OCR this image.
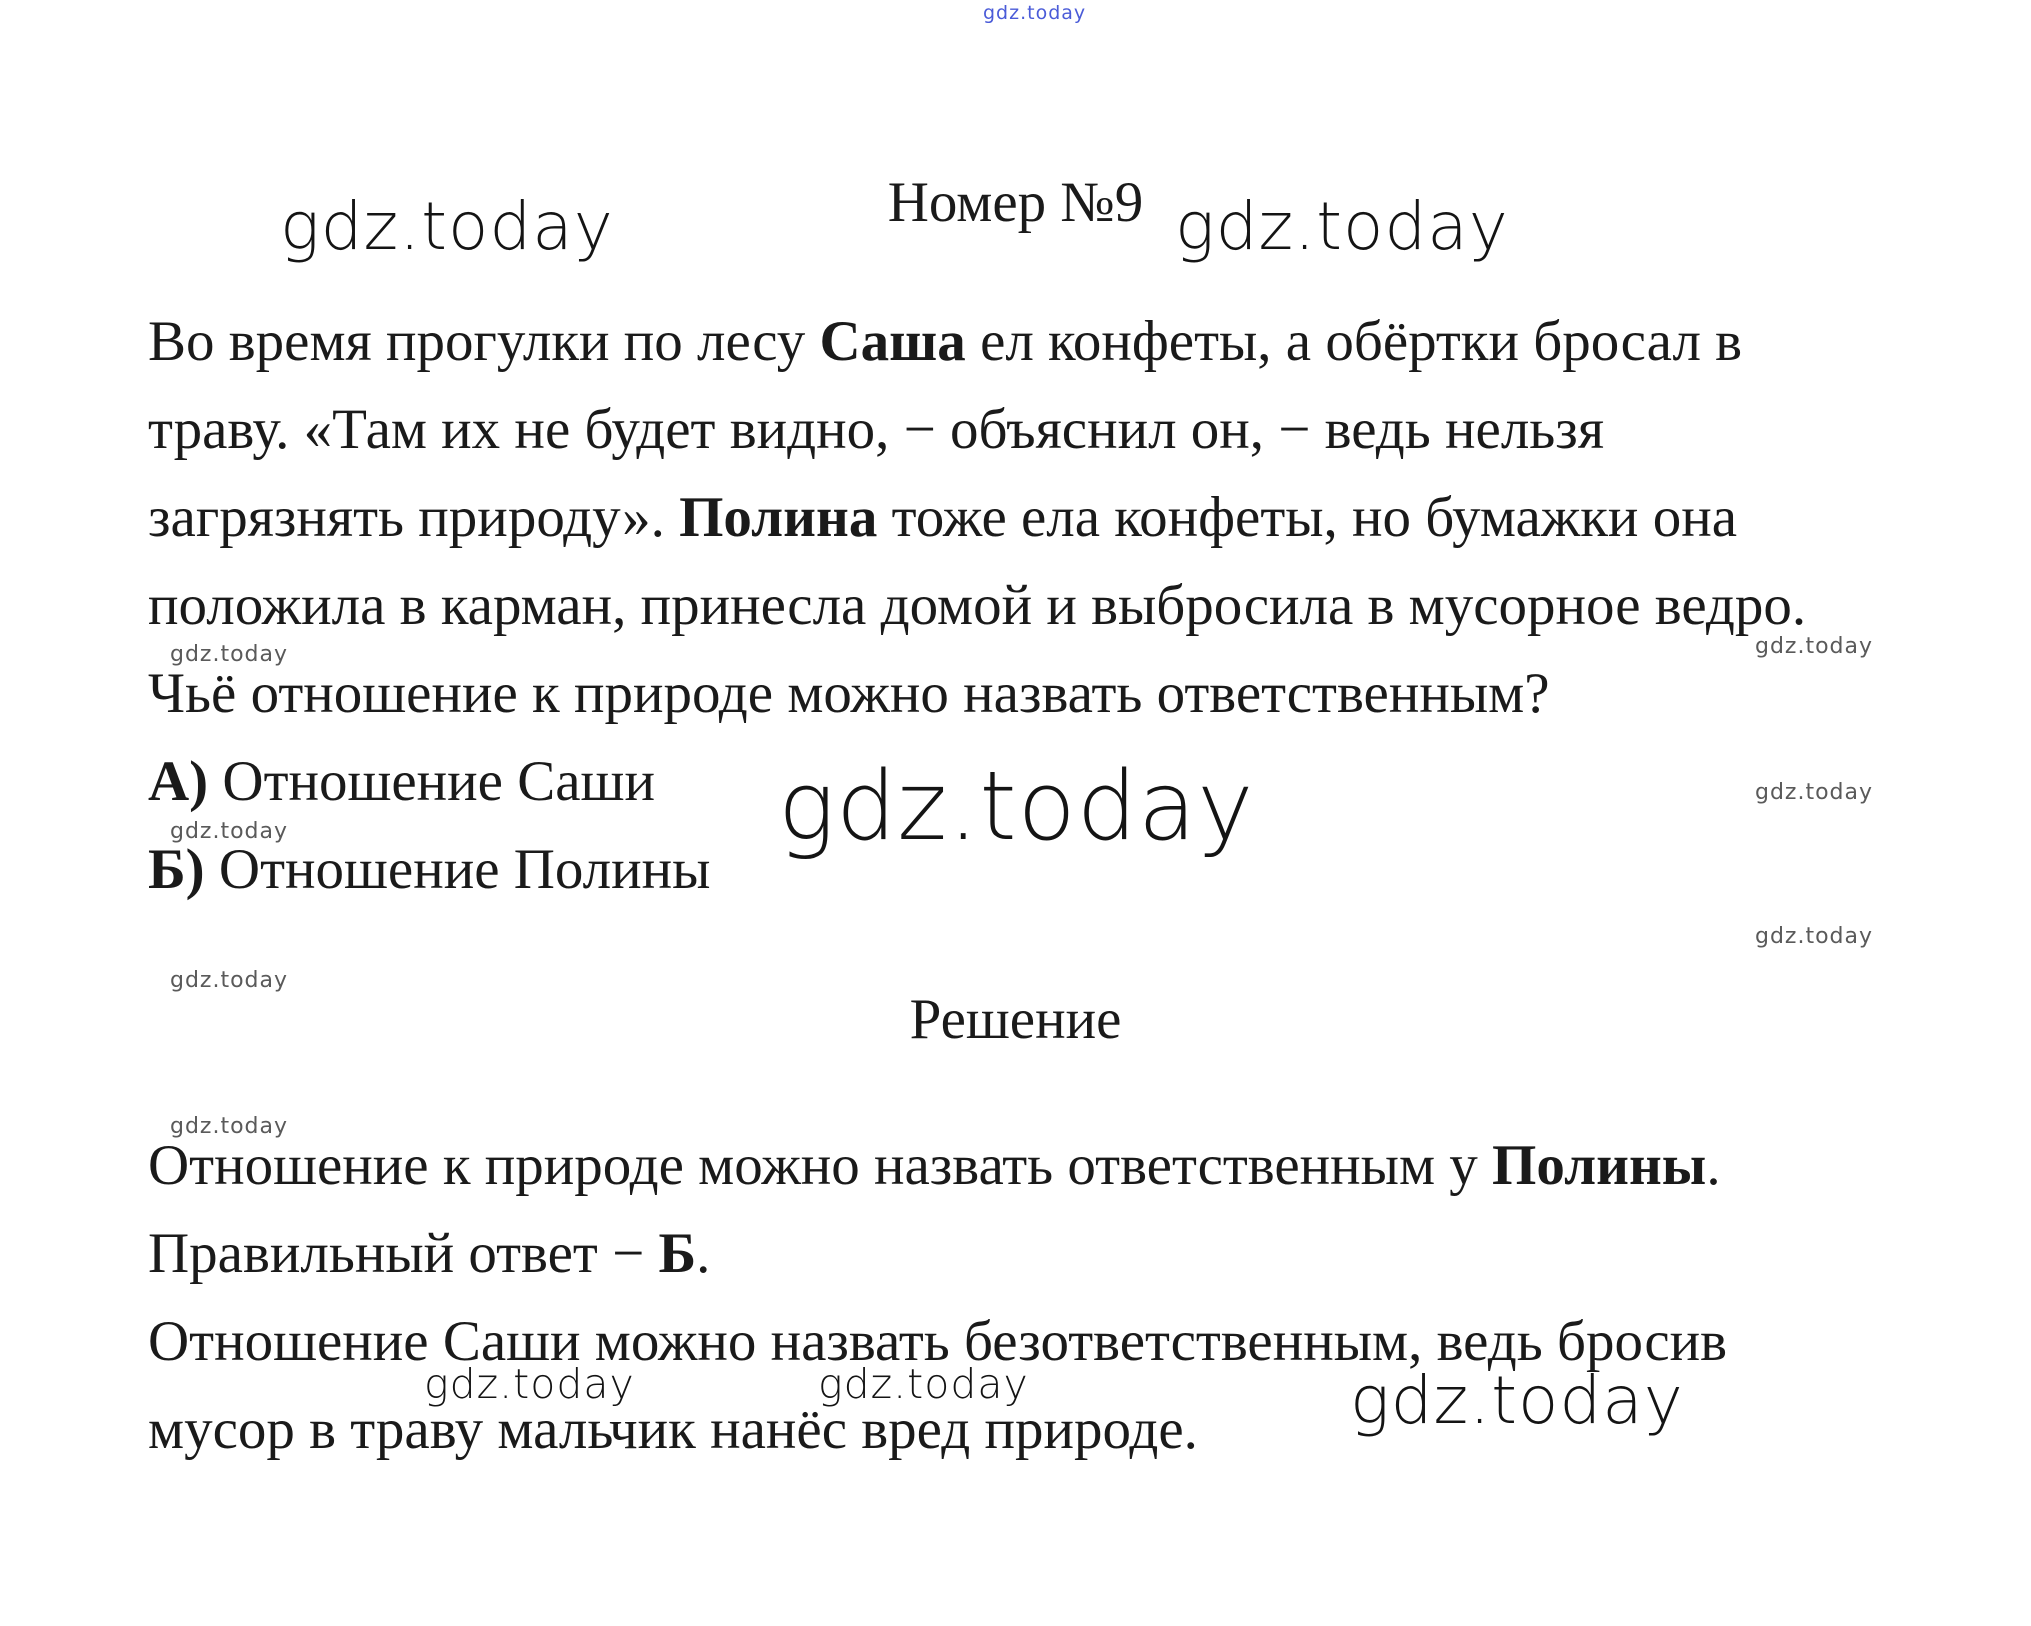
gdz.today
gdz.today	gdz.today
gdz.today	gdz.today
gdz.today
gdz.today
gdz.today
gdz.today
gdz.today
gdz.today
gdz.today	gdz.today	gdz.today
Номер №9
Во время прогулки по лесу Саша ел конфеты, а обёртки бросал в
траву. «Там их не будет видно, − объяснил он, − ведь нельзя
загрязнять природу». Полина тоже ела конфеты, но бумажки она
положила в карман, принесла домой и выбросила в мусорное ведро.
Чьё отношение к природе можно назвать ответственным?
А) Отношение Саши
Б) Отношение Полины
Решение
Отношение к природе можно назвать ответственным у Полины.
Правильный ответ − Б.
Отношение Саши можно назвать безответственным, ведь бросив
мусор в траву мальчик нанёс вред природе.
